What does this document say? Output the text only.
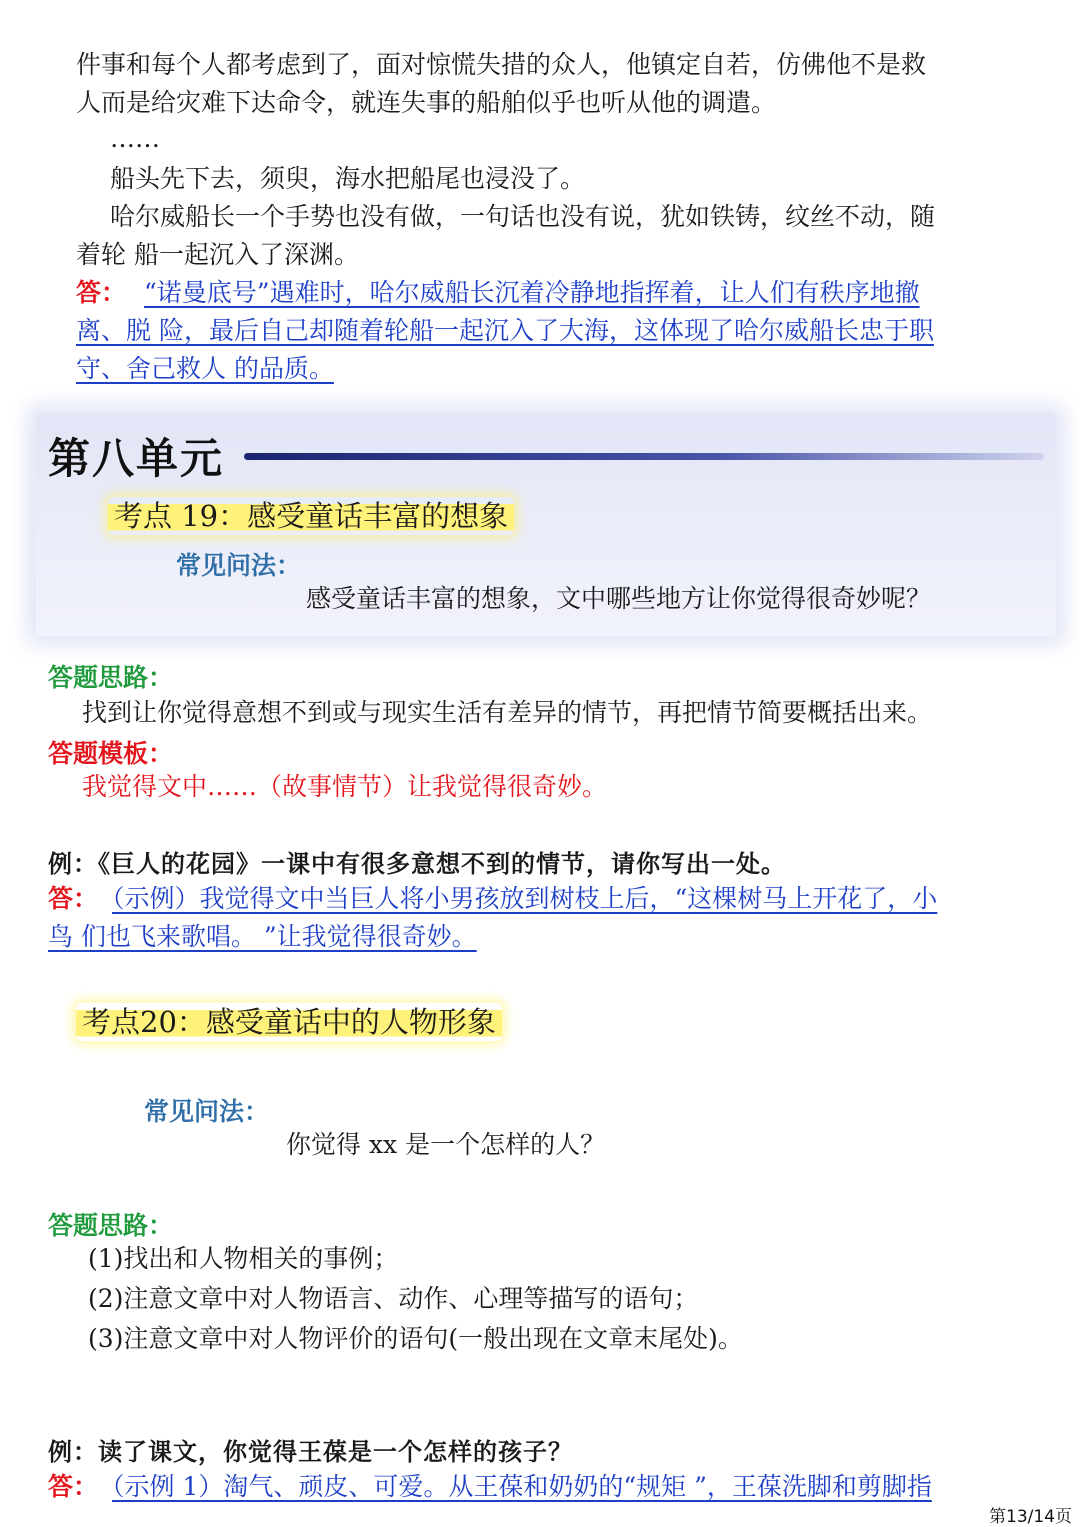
件事和每个人都考虑到了，面对惊慌失措的众人，他镇定自若，仿佛他不是救
人而是给灾难下达命令，就连失事的船舶似乎也听从他的调遣。
……
船头先下去，须臾，海水把船尾也浸没了。
哈尔威船长一个手势也没有做，一句话也没有说，犹如铁铸，纹丝不动，随
着轮 船一起沉入了深渊。
答： “诺曼底号”遇难时，哈尔威船长沉着冷静地指挥着，让人们有秩序地撤
离、脱 险，最后自己却随着轮船一起沉入了大海，这体现了哈尔威船长忠于职
守、舍己救人 的品质。
第八单元
考点 19：感受童话丰富的想象
常见问法：
感受童话丰富的想象，文中哪些地方让你觉得很奇妙呢？
答题思路：
找到让你觉得意想不到或与现实生活有差异的情节，再把情节简要概括出来。
答题模板：
我觉得文中……（故事情节）让我觉得很奇妙。
例：《巨人的花园》一课中有很多意想不到的情节，请你写出一处。
答： （示例）我觉得文中当巨人将小男孩放到树枝上后，“这棵树马上开花了，小
鸟 们也飞来歌唱。 ”让我觉得很奇妙。
考点20：感受童话中的人物形象
常见问法：
你觉得 xx 是一个怎样的人？
答题思路：
(1)找出和人物相关的事例；
(2)注意文章中对人物语言、动作、心理等描写的语句；
(3)注意文章中对人物评价的语句(一般出现在文章末尾处)。
例：读了课文，你觉得王葆是一个怎样的孩子？
答： （示例 1）淘气、顽皮、可爱。从王葆和奶奶的“规矩 ”，王葆洗脚和剪脚指
第13/14页
